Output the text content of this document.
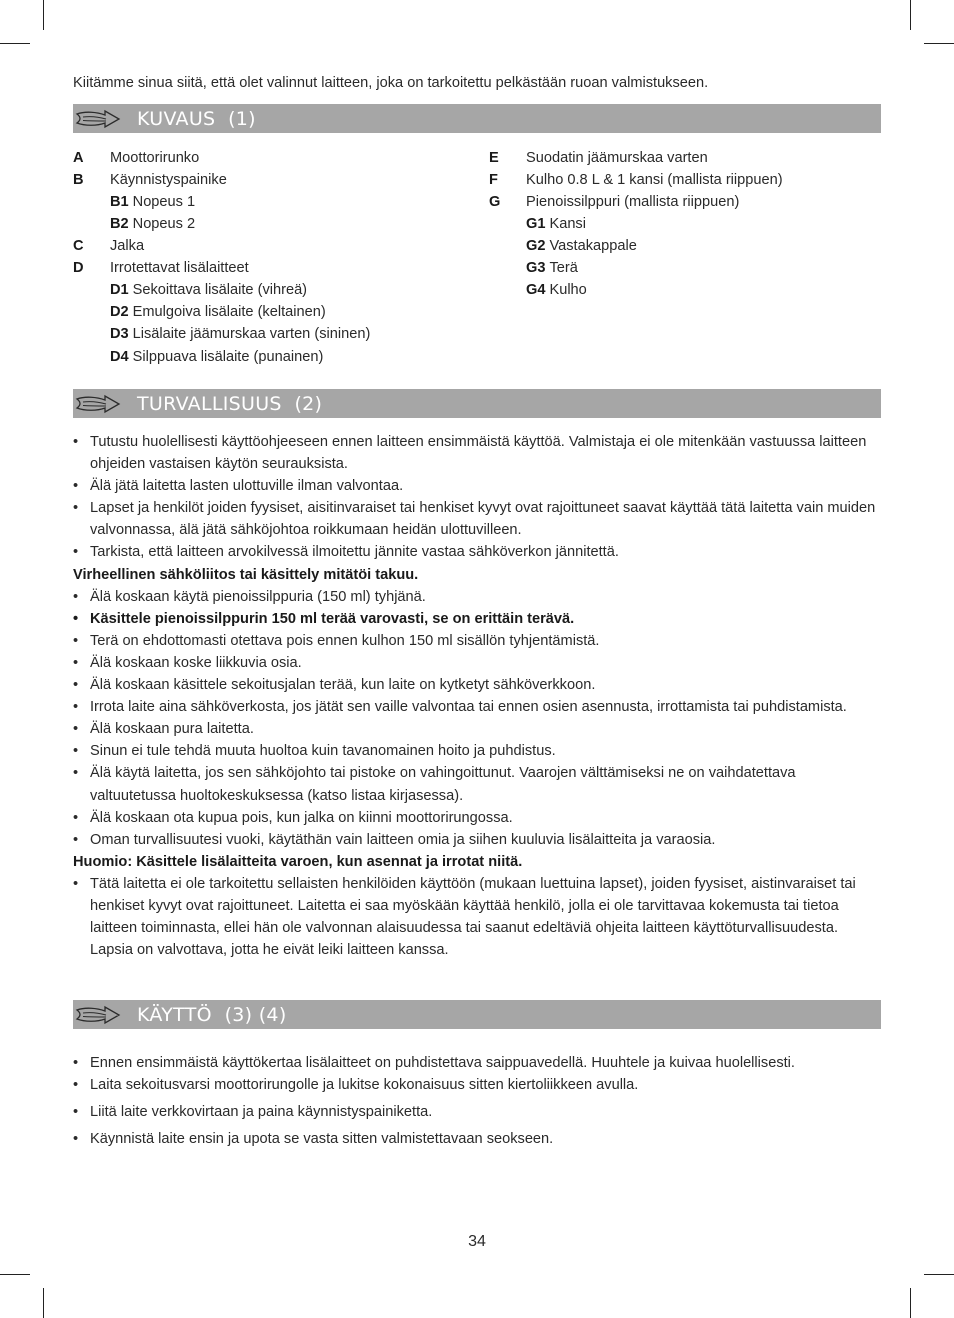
Kiitämme sinua siitä, että olet valinnut laitteen, joka on tarkoitettu pelkästään ruoan valmistukseen.

KUVAUS  (1)
A Moottorirunko
B Käynnistyspainike
B1 Nopeus 1
B2 Nopeus 2
C Jalka
D Irrotettavat lisälaitteet
D1 Sekoittava lisälaite (vihreä)
D2 Emulgoiva lisälaite (keltainen)
D3 Lisälaite jäämurskaa varten (sininen)
D4 Silppuava lisälaite (punainen)
E Suodatin jäämurskaa varten
F Kulho 0.8 L & 1 kansi (mallista riippuen)
G Pienoissilppuri (mallista riippuen)
G1 Kansi
G2 Vastakappale
G3 Terä
G4 Kulho
TURVALLISUUS  (2)
• Tutustu huolellisesti käyttöohjeeseen ennen laitteen ensimmäistä käyttöä. Valmistaja ei ole mitenkään vastuussa laitteen ohjeiden vastaisen käytön seurauksista.
• Älä jätä laitetta lasten ulottuville ilman valvontaa.
• Lapset ja henkilöt joiden fyysiset, aisitinvaraiset tai henkiset kyvyt ovat rajoittuneet saavat käyttää tätä laitetta vain muiden valvonnassa, älä jätä sähköjohtoa roikkumaan heidän ulottuvilleen.
• Tarkista, että laitteen arvokilvessä ilmoitettu jännite vastaa sähköverkon jännitettä.
Virheellinen sähköliitos tai käsittely mitätöi takuu.
• Älä koskaan käytä pienoissilppuria (150 ml) tyhjänä.
• Käsittele pienoissilppurin 150 ml terää varovasti, se on erittäin terävä.
• Terä on ehdottomasti otettava pois ennen kulhon 150 ml sisällön tyhjentämistä.
• Älä koskaan koske liikkuvia osia.
• Älä koskaan käsittele sekoitusjalan terää, kun laite on kytketyt sähköverkkoon.
• Irrota laite aina sähköverkosta, jos jätät sen vaille valvontaa tai ennen osien asennusta, irrottamista tai puhdistamista.
• Älä koskaan pura laitetta.
• Sinun ei tule tehdä muuta huoltoa kuin tavanomainen hoito ja puhdistus.
• Älä käytä laitetta, jos sen sähköjohto tai pistoke on vahingoittunut. Vaarojen välttämiseksi ne on vaihdatettava valtuutetussa huoltokeskuksessa (katso listaa kirjasessa).
• Älä koskaan ota kupua pois, kun jalka on kiinni moottorirungossa.
• Oman turvallisuutesi vuoki, käytäthän vain laitteen omia ja siihen kuuluvia lisälaitteita ja varaosia.
Huomio: Käsittele lisälaitteita varoen, kun asennat ja irrotat niitä.
• Tätä laitetta ei ole tarkoitettu sellaisten henkilöiden käyttöön (mukaan luettuina lapset), joiden fyysiset, aistinvaraiset tai henkiset kyvyt ovat rajoittuneet. Laitetta ei saa myöskään käyttää henkilö, jolla ei ole tarvittavaa kokemusta tai tietoa laitteen toiminnasta, ellei hän ole valvonnan alaisuudessa tai saanut edeltäviä ohjeita laitteen käyttöturvallisuudesta. Lapsia on valvottava, jotta he eivät leiki laitteen kanssa.
KÄYTTÖ  (3) (4)
• Ennen ensimmäistä käyttökertaa lisälaitteet on puhdistettava saippuavedellä. Huuhtele ja kuivaa huolellisesti.
• Laita sekoitusvarsi moottorirungolle ja lukitse kokonaisuus sitten kiertoliikkeen avulla.
• Liitä laite verkkovirtaan ja paina käynnistyspainiketta.
• Käynnistä laite ensin ja upota se vasta sitten valmistettavaan seokseen.
34
